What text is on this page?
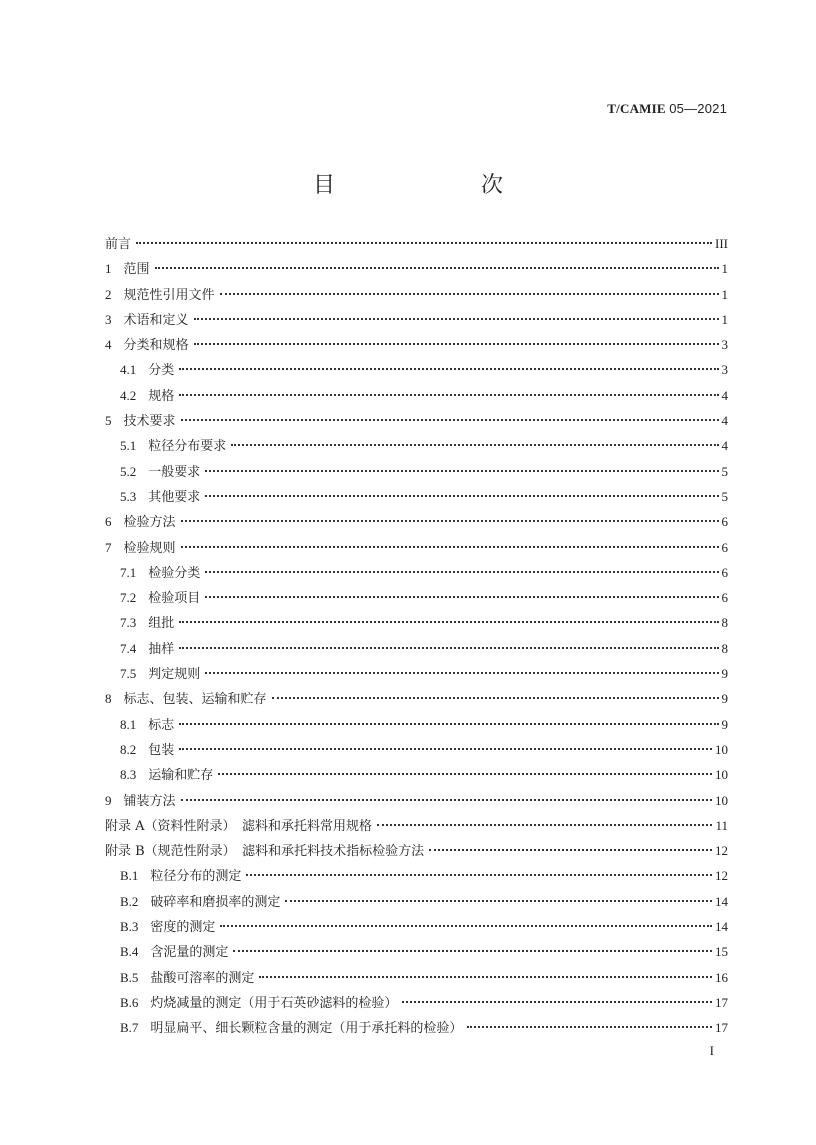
T/CAMIE 05—2021
目　　次
前言	III
1 范围	1
2 规范性引用文件	1
3 术语和定义	1
4 分类和规格	3
4.1 分类	3
4.2 规格	4
5 技术要求	4
5.1 粒径分布要求	4
5.2 一般要求	5
5.3 其他要求	5
6 检验方法	6
7 检验规则	6
7.1 检验分类	6
7.2 检验项目	6
7.3 组批	8
7.4 抽样	8
7.5 判定规则	9
8 标志、包装、运输和贮存	9
8.1 标志	9
8.2 包装	10
8.3 运输和贮存	10
9 铺装方法	10
附录 A（资料性附录）　滤料和承托料常用规格	11
附录 B（规范性附录）　滤料和承托料技术指标检验方法	12
B.1 粒径分布的测定	12
B.2 破碎率和磨损率的测定	14
B.3 密度的测定	14
B.4 含泥量的测定	15
B.5 盐酸可溶率的测定	16
B.6 灼烧减量的测定（用于石英砂滤料的检验）	17
B.7 明显扁平、细长颗粒含量的测定（用于承托料的检验）	17
I
